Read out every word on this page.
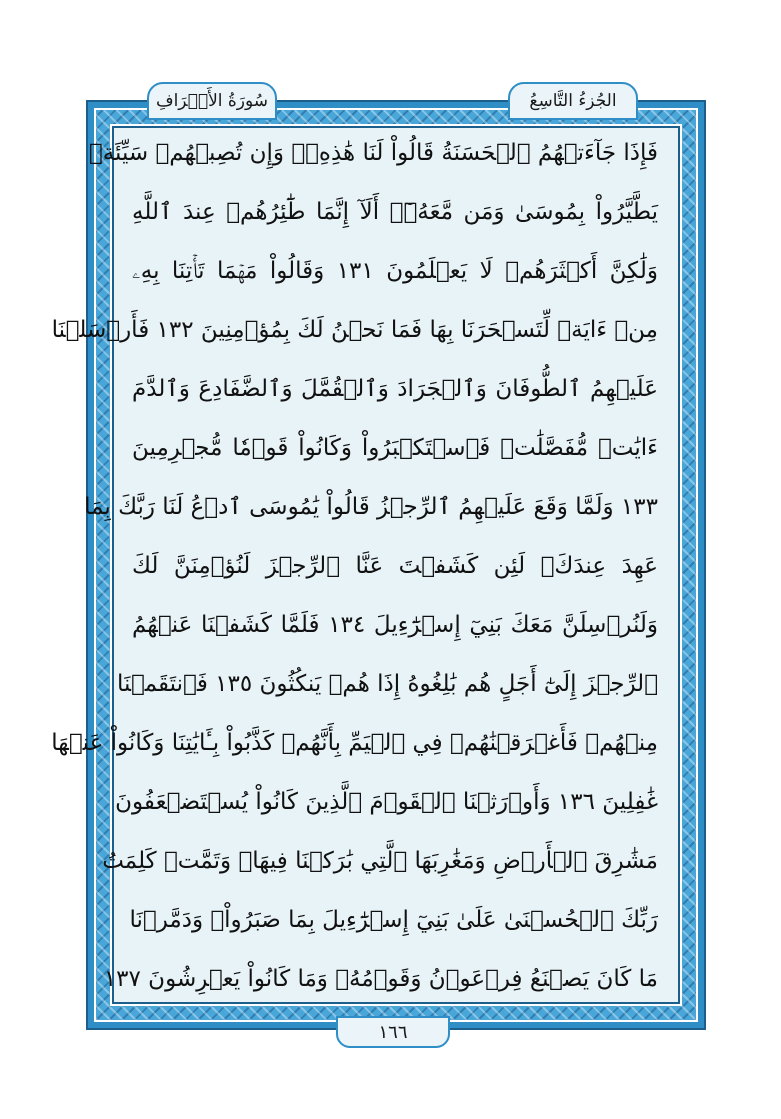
سُورَةُ الأَعۡرَافِ	الجُزءُ التَّاسِعُ
فَإِذَا جَآءَتۡهُمُ ٱلۡحَسَنَةُ قَالُواْ لَنَا هَٰذِهِۦۖ وَإِن تُصِبۡهُمۡ سَيِّئَةٞ
يَطَّيَّرُواْ بِمُوسَىٰ وَمَن مَّعَهُۥٓۗ أَلَآ إِنَّمَا طَٰٓئِرُهُمۡ عِندَ ٱللَّهِ
وَلَٰكِنَّ أَكۡثَرَهُمۡ لَا يَعۡلَمُونَ ١٣١ وَقَالُواْ مَهۡمَا تَأۡتِنَا بِهِۦ
مِنۡ ءَايَةٖ لِّتَسۡحَرَنَا بِهَا فَمَا نَحۡنُ لَكَ بِمُؤۡمِنِينَ ١٣٢ فَأَرۡسَلۡنَا
عَلَيۡهِمُ ٱلطُّوفَانَ وَٱلۡجَرَادَ وَٱلۡقُمَّلَ وَٱلضَّفَادِعَ وَٱلدَّمَ
ءَايَٰتٖ مُّفَصَّلَٰتٖ فَٱسۡتَكۡبَرُواْ وَكَانُواْ قَوۡمٗا مُّجۡرِمِينَ
١٣٣ وَلَمَّا وَقَعَ عَلَيۡهِمُ ٱلرِّجۡزُ قَالُواْ يَٰمُوسَى ٱدۡعُ لَنَا رَبَّكَ بِمَا
عَهِدَ عِندَكَۖ لَئِن كَشَفۡتَ عَنَّا ٱلرِّجۡزَ لَنُؤۡمِنَنَّ لَكَ
وَلَنُرۡسِلَنَّ مَعَكَ بَنِيٓ إِسۡرَٰٓءِيلَ ١٣٤ فَلَمَّا كَشَفۡنَا عَنۡهُمُ
ٱلرِّجۡزَ إِلَىٰٓ أَجَلٍ هُم بَٰلِغُوهُ إِذَا هُمۡ يَنكُثُونَ ١٣٥ فَٱنتَقَمۡنَا
مِنۡهُمۡ فَأَغۡرَقۡنَٰهُمۡ فِي ٱلۡيَمِّ بِأَنَّهُمۡ كَذَّبُواْ بِـَٔايَٰتِنَا وَكَانُواْ عَنۡهَا
غَٰفِلِينَ ١٣٦ وَأَوۡرَثۡنَا ٱلۡقَوۡمَ ٱلَّذِينَ كَانُواْ يُسۡتَضۡعَفُونَ
مَشَٰرِقَ ٱلۡأَرۡضِ وَمَغَٰرِبَهَا ٱلَّتِي بَٰرَكۡنَا فِيهَاۖ وَتَمَّتۡ كَلِمَتُ
رَبِّكَ ٱلۡحُسۡنَىٰ عَلَىٰ بَنِيٓ إِسۡرَٰٓءِيلَ بِمَا صَبَرُواْۖ وَدَمَّرۡنَا
مَا كَانَ يَصۡنَعُ فِرۡعَوۡنُ وَقَوۡمُهُۥ وَمَا كَانُواْ يَعۡرِشُونَ ١٣٧
١٦٦
